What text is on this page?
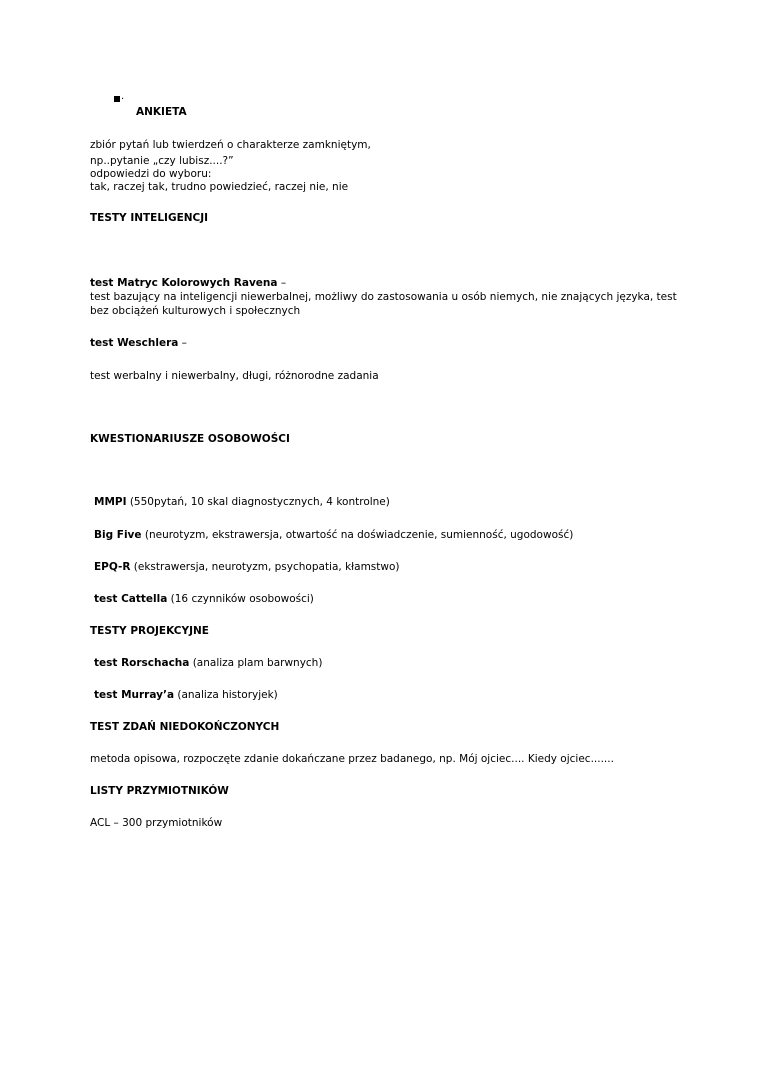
·
ANKIETA
zbiór pytań lub twierdzeń o charakterze zamkniętym,
np..pytanie „czy lubisz....?”
odpowiedzi do wyboru:
tak, raczej tak, trudno powiedzieć, raczej nie, nie
TESTY INTELIGENCJI
test Matryc Kolorowych Ravena –
test bazujący na inteligencji niewerbalnej, możliwy do zastosowania u osób niemych, nie znających języka, test
bez obciążeń kulturowych i społecznych
test Weschlera –
test werbalny i niewerbalny, długi, różnorodne zadania
KWESTIONARIUSZE OSOBOWOŚCI
MMPI (550pytań, 10 skal diagnostycznych, 4 kontrolne)
Big Five (neurotyzm, ekstrawersja, otwartość na doświadczenie, sumienność, ugodowość)
EPQ-R (ekstrawersja, neurotyzm, psychopatia, kłamstwo)
test Cattella (16 czynników osobowości)
TESTY PROJEKCYJNE
test Rorschacha (analiza plam barwnych)
test Murray’a (analiza historyjek)
TEST ZDAŃ NIEDOKOŃCZONYCH
metoda opisowa, rozpoczęte zdanie dokańczane przez badanego, np. Mój ojciec.... Kiedy ojciec.......
LISTY PRZYMIOTNIKÓW
ACL – 300 przymiotników
